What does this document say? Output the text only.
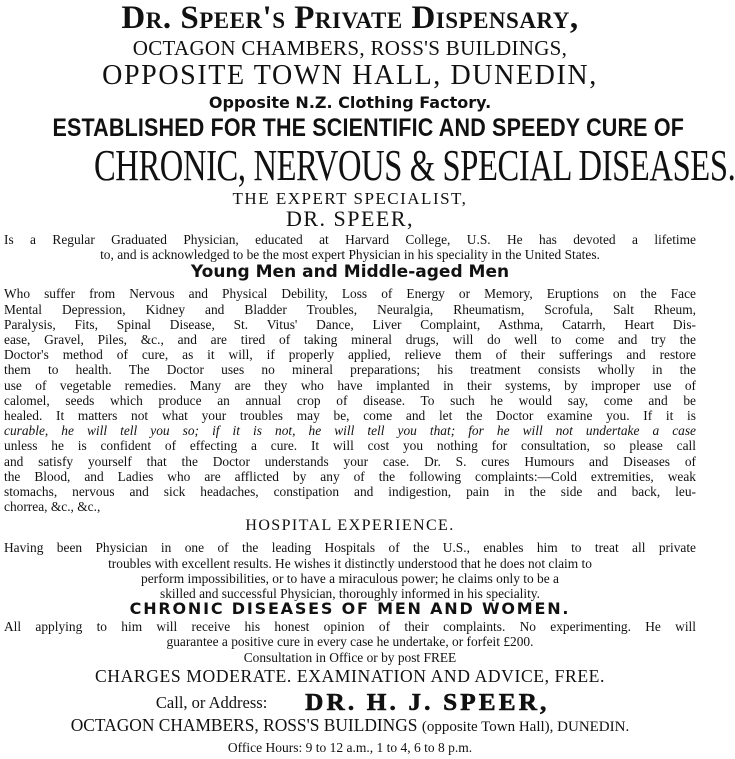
Dr. Speer's Private Dispensary,
OCTAGON CHAMBERS, ROSS'S BUILDINGS,
OPPOSITE TOWN HALL, DUNEDIN,
Opposite N.Z. Clothing Factory.
ESTABLISHED FOR THE SCIENTIFIC AND SPEEDY CURE OF
CHRONIC, NERVOUS & SPECIAL DISEASES.
THE EXPERT SPECIALIST,
DR. SPEER,
Is a Regular Graduated Physician, educated at Harvard College, U.S. He has devoted a lifetime
to, and is acknowledged to be the most expert Physician in his speciality in the United States.
Young Men and Middle-aged Men
Who suffer from Nervous and Physical Debility, Loss of Energy or Memory, Eruptions on the Face
Mental Depression, Kidney and Bladder Troubles, Neuralgia, Rheumatism, Scrofula, Salt Rheum,
Paralysis, Fits, Spinal Disease, St. Vitus' Dance, Liver Complaint, Asthma, Catarrh, Heart Dis-
ease, Gravel, Piles, &c., and are tired of taking mineral drugs, will do well to come and try the
Doctor's method of cure, as it will, if properly applied, relieve them of their sufferings and restore
them to health. The Doctor uses no mineral preparations; his treatment consists wholly in the
use of vegetable remedies. Many are they who have implanted in their systems, by improper use of
calomel, seeds which produce an annual crop of disease. To such he would say, come and be
healed. It matters not what your troubles may be, come and let the Doctor examine you. If it is
curable, he will tell you so; if it is not, he will tell you that; for he will not undertake a case
unless he is confident of effecting a cure. It will cost you nothing for consultation, so please call
and satisfy yourself that the Doctor understands your case. Dr. S. cures Humours and Diseases of
the Blood, and Ladies who are afflicted by any of the following complaints:—Cold extremities, weak
stomachs, nervous and sick headaches, constipation and indigestion, pain in the side and back, leu-
chorrea, &c., &c.,
HOSPITAL EXPERIENCE.
Having been Physician in one of the leading Hospitals of the U.S., enables him to treat all private
troubles with excellent results. He wishes it distinctly understood that he does not claim to
perform impossibilities, or to have a miraculous power; he claims only to be a
skilled and successful Physician, thoroughly informed in his speciality.
CHRONIC DISEASES OF MEN AND WOMEN.
All applying to him will receive his honest opinion of their complaints. No experimenting. He will
guarantee a positive cure in every case he undertake, or forfeit £200.
Consultation in Office or by post FREE
CHARGES MODERATE. EXAMINATION AND ADVICE, FREE.
Call, or Address: DR. H. J. SPEER,
OCTAGON CHAMBERS, ROSS'S BUILDINGS (opposite Town Hall), DUNEDIN.
Office Hours: 9 to 12 a.m., 1 to 4, 6 to 8 p.m.
